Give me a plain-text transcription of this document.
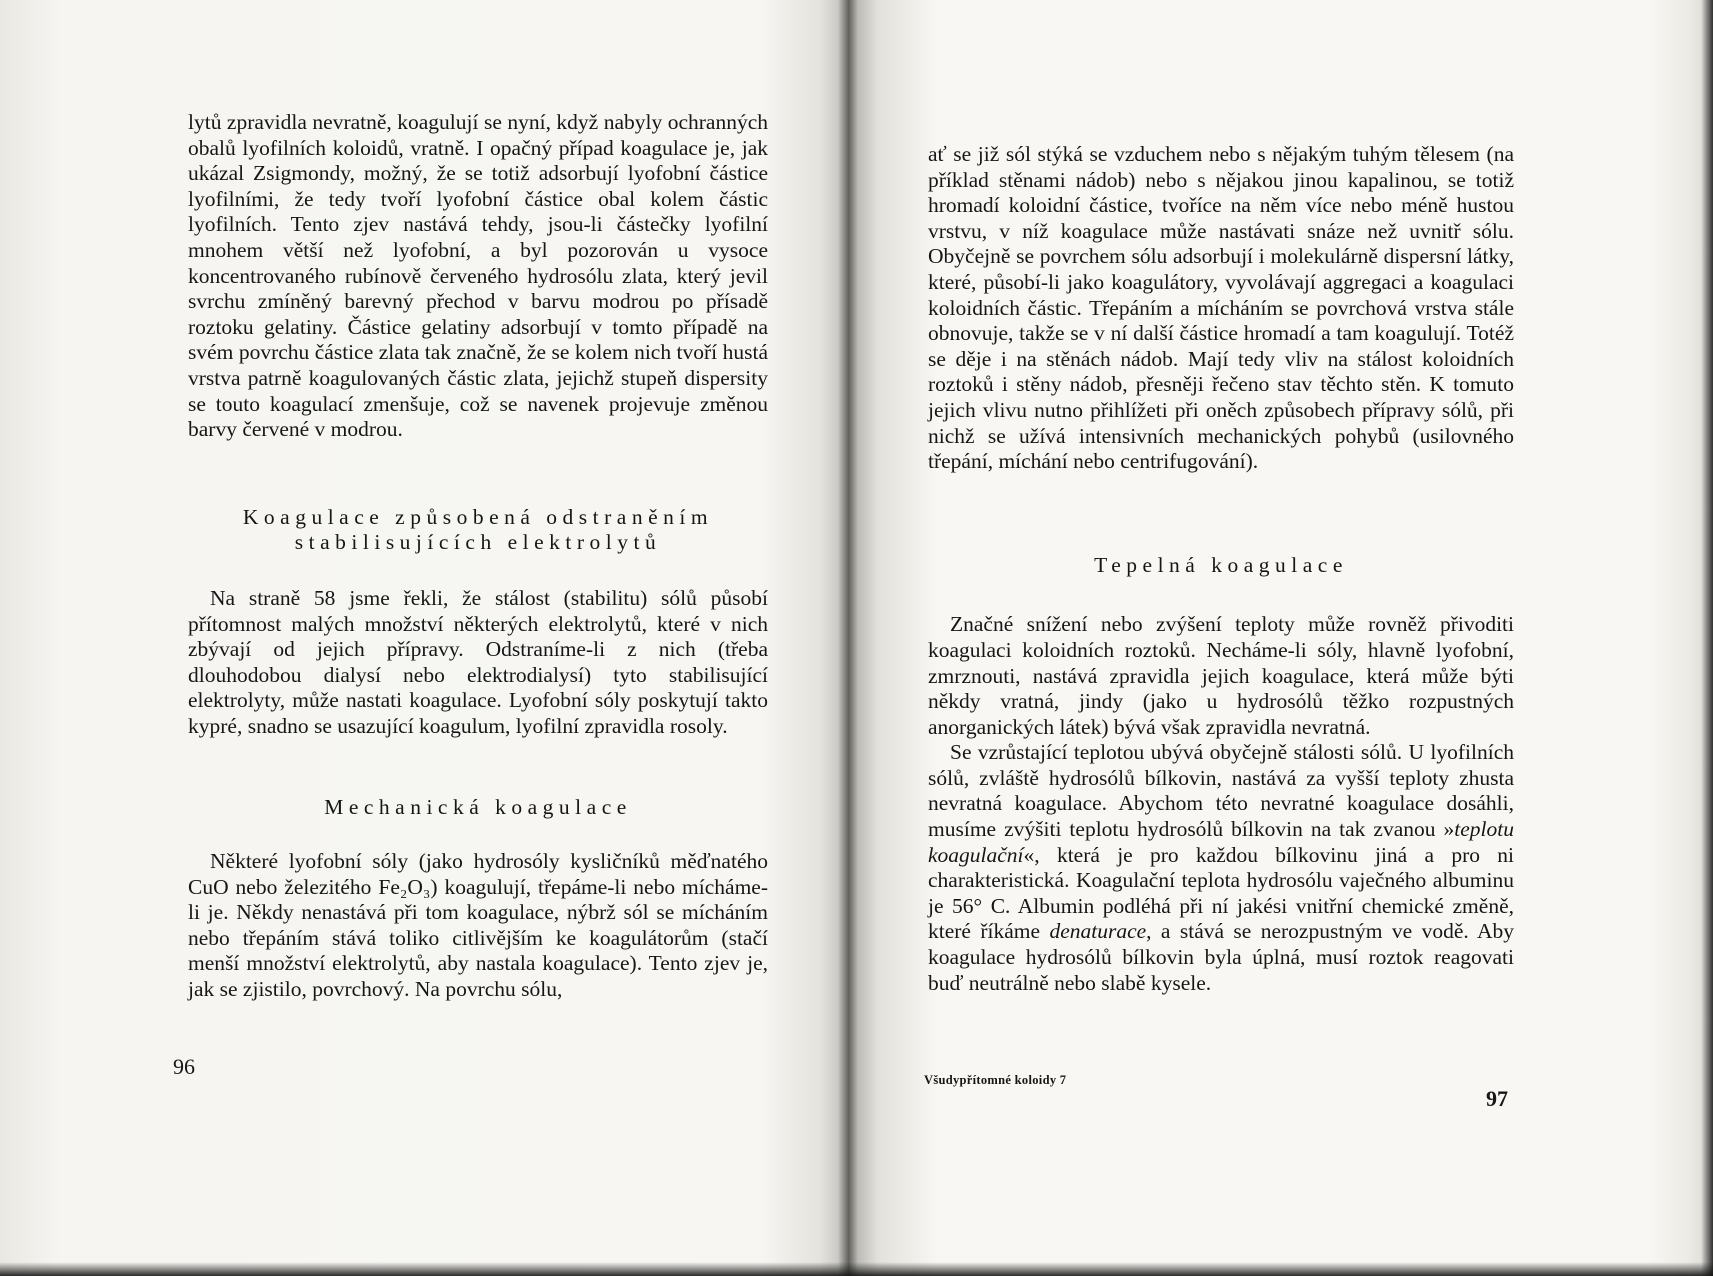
lytů zpravidla nevratně, koagulují se nyní, když nabyly ochranných obalů lyofilních koloidů, vratně. I opačný případ koagulace je, jak ukázal Zsigmondy, možný, že se totiž adsorbují lyofobní částice lyofilními, že tedy tvoří lyofobní částice obal kolem částic lyofilních. Tento zjev nastává tehdy, jsou-li částečky lyofilní mnohem větší než lyofobní, a byl pozorován u vysoce koncentrovaného rubínově červeného hydrosólu zlata, který jevil svrchu zmíněný barevný přechod v barvu modrou po přísadě roztoku gelatiny. Částice gelatiny adsorbují v tomto případě na svém povrchu částice zlata tak značně, že se kolem nich tvoří hustá vrstva patrně koagulovaných částic zlata, jejichž stupeň dispersity se touto koagulací zmenšuje, což se navenek projevuje změnou barvy červené v modrou.

Koagulace způsobená odstraněním stabilisujících elektrolytů

Na straně 58 jsme řekli, že stálost (stabilitu) sólů působí přítomnost malých množství některých elektrolytů, které v nich zbývají od jejich přípravy. Odstraníme-li z nich (třeba dlouhodobou dialysí nebo elektrodialysí) tyto stabilisující elektrolyty, může nastati koagulace. Lyofobní sóly poskytují takto kypré, snadno se usazující koagulum, lyofilní zpravidla rosoly.

Mechanická koagulace

Některé lyofobní sóly (jako hydrosóly kysličníků měďnatého CuO nebo železitého Fe₂O₃) koagulují, třepáme-li nebo mícháme-li je. Někdy nenastává při tom koagulace, nýbrž sól se mícháním nebo třepáním stává toliko citlivějším ke koagulátorům (stačí menší množství elektrolytů, aby nastala koagulace). Tento zjev je, jak se zjistilo, povrchový. Na povrchu sólu,

96

ať se již sól stýká se vzduchem nebo s nějakým tuhým tělesem (na příklad stěnami nádob) nebo s nějakou jinou kapalinou, se totiž hromadí koloidní částice, tvoříce na něm více nebo méně hustou vrstvu, v níž koagulace může nastávati snáze než uvnitř sólu. Obyčejně se povrchem sólu adsorbují i molekulárně dispersní látky, které, působí-li jako koagulátory, vyvolávají aggregaci a koagulaci koloidních částic. Třepáním a mícháním se povrchová vrstva stále obnovuje, takže se v ní další částice hromadí a tam koagulují. Totéž se děje i na stěnách nádob. Mají tedy vliv na stálost koloidních roztoků i stěny nádob, přesněji řečeno stav těchto stěn. K tomuto jejich vlivu nutno přihlížeti při oněch způsobech přípravy sólů, při nichž se užívá intensivních mechanických pohybů (usilovného třepání, míchání nebo centrifugování).

Tepelná koagulace

Značné snížení nebo zvýšení teploty může rovněž přivoditi koagulaci koloidních roztoků. Necháme-li sóly, hlavně lyofobní, zmrznouti, nastává zpravidla jejich koagulace, která může býti někdy vratná, jindy (jako u hydrosólů těžko rozpustných anorganických látek) bývá však zpravidla nevratná.

Se vzrůstající teplotou ubývá obyčejně stálosti sólů. U lyofilních sólů, zvláště hydrosólů bílkovin, nastává za vyšší teploty zhusta nevratná koagulace. Abychom této nevratné koagulace dosáhli, musíme zvýšiti teplotu hydrosólů bílkovin na tak zvanou »teplotu koagulační«, která je pro každou bílkovinu jiná a pro ni charakteristická. Koagulační teplota hydrosólu vaječného albuminu je 56° C. Albumin podléhá při ní jakési vnitřní chemické změně, které říkáme denaturace, a stává se nerozpustným ve vodě. Aby koagulace hydrosólů bílkovin byla úplná, musí roztok reagovati buď neutrálně nebo slabě kysele.

Všudypřítomné koloidy 7
97
